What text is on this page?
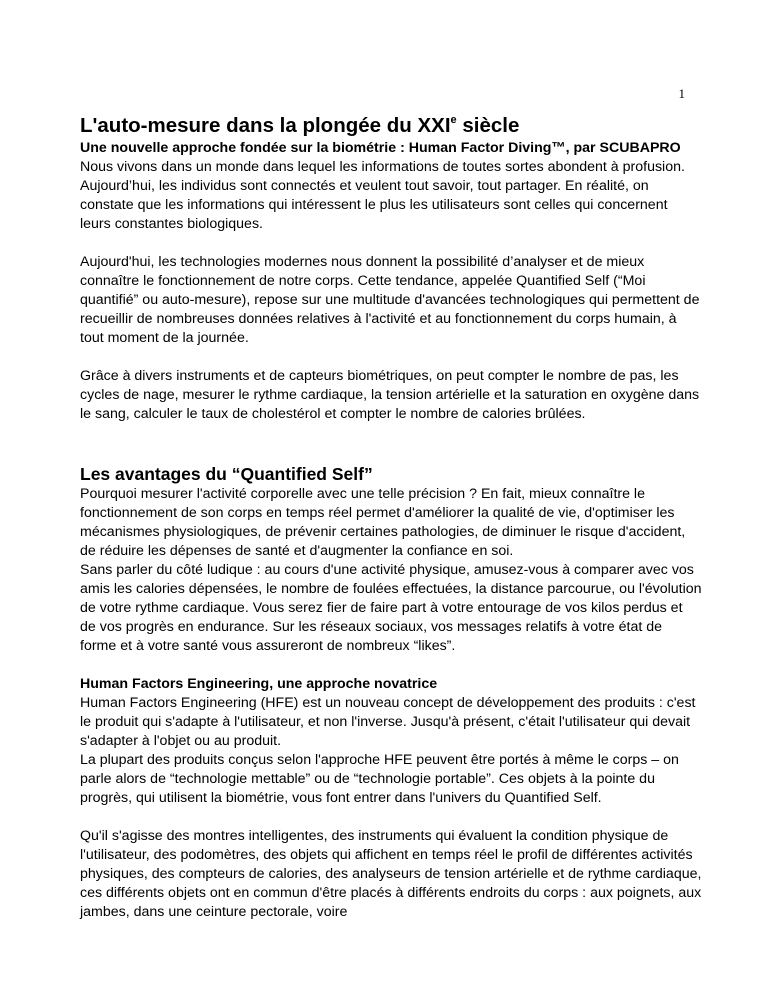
1
L'auto-mesure dans la plongée du XXIe siècle

Une nouvelle approche fondée sur la biométrie : Human Factor Diving™, par SCUBAPRO

Nous vivons dans un monde dans lequel les informations de toutes sortes abondent à profusion. Aujourd’hui, les individus sont connectés et veulent tout savoir, tout partager. En réalité, on constate que les informations qui intéressent le plus les utilisateurs sont celles qui concernent leurs constantes biologiques.

Aujourd'hui, les technologies modernes nous donnent la possibilité d’analyser et de mieux connaître le fonctionnement de notre corps. Cette tendance, appelée Quantified Self (“Moi quantifié” ou auto-mesure), repose sur une multitude d'avancées technologiques qui permettent de recueillir de nombreuses données relatives à l'activité et au fonctionnement du corps humain, à tout moment de la journée.

Grâce à divers instruments et de capteurs biométriques, on peut compter le nombre de pas, les cycles de nage, mesurer le rythme cardiaque, la tension artérielle et la saturation en oxygène dans le sang, calculer le taux de cholestérol et compter le nombre de calories brûlées.

Les avantages du “Quantified Self”

Pourquoi mesurer l'activité corporelle avec une telle précision ? En fait, mieux connaître le fonctionnement de son corps en temps réel permet d'améliorer la qualité de vie, d'optimiser les mécanismes physiologiques, de prévenir certaines pathologies, de diminuer le risque d'accident, de réduire les dépenses de santé et d'augmenter la confiance en soi.

Sans parler du côté ludique : au cours d'une activité physique, amusez-vous à comparer avec vos amis les calories dépensées, le nombre de foulées effectuées, la distance parcourue, ou l'évolution de votre rythme cardiaque. Vous serez fier de faire part à votre entourage de vos kilos perdus et de vos progrès en endurance. Sur les réseaux sociaux, vos messages relatifs à votre état de forme et à votre santé vous assureront de nombreux “likes”.

Human Factors Engineering, une approche novatrice

Human Factors Engineering (HFE) est un nouveau concept de développement des produits : c'est le produit qui s'adapte à l'utilisateur, et non l'inverse. Jusqu'à présent, c'était l'utilisateur qui devait s'adapter à l'objet ou au produit.

La plupart des produits conçus selon l'approche HFE peuvent être portés à même le corps – on parle alors de “technologie mettable” ou de “technologie portable”. Ces objets à la pointe du progrès, qui utilisent la biométrie, vous font entrer dans l'univers du Quantified Self.

Qu'il s'agisse des montres intelligentes, des instruments qui évaluent la condition physique de l'utilisateur, des podomètres, des objets qui affichent en temps réel le profil de différentes activités physiques, des compteurs de calories, des analyseurs de tension artérielle et de rythme cardiaque, ces différents objets ont en commun d'être placés à différents endroits du corps : aux poignets, aux jambes, dans une ceinture pectorale, voire
